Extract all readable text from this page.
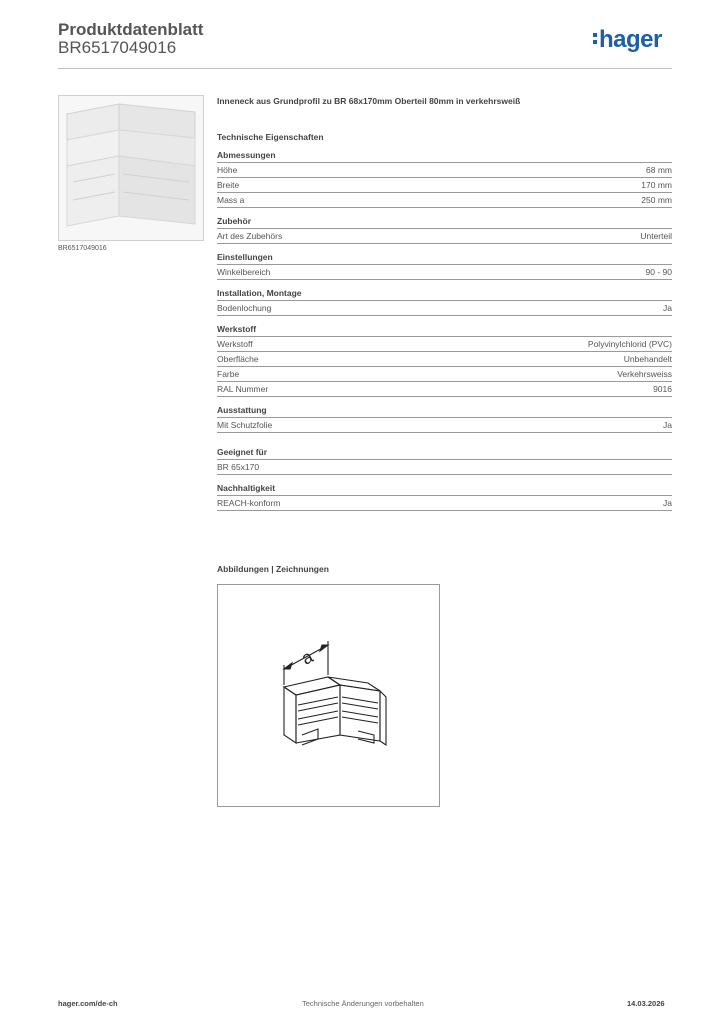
Produktdatenblatt
BR6517049016	hager
BR6517049016
Inneneck aus Grundprofil zu BR 68x170mm Oberteil 80mm in verkehrsweiß
Technische Eigenschaften
Abmessungen
Höhe	68 mm
Breite	170 mm
Mass a	250 mm
Zubehör
Art des Zubehörs	Unterteil
Einstellungen
Winkelbereich	90 - 90
Installation, Montage
Bodenlochung	Ja
Werkstoff
Werkstoff	Polyvinylchlorid (PVC)
Oberfläche	Unbehandelt
Farbe	Verkehrsweiss
RAL Nummer	9016
Ausstattung
Mit Schutzfolie	Ja
Geeignet für
BR 65x170
Nachhaltigkeit
REACH-konform	Ja
Abbildungen | Zeichnungen
a
hager.com/de-ch	Technische Änderungen vorbehalten	14.03.2026
